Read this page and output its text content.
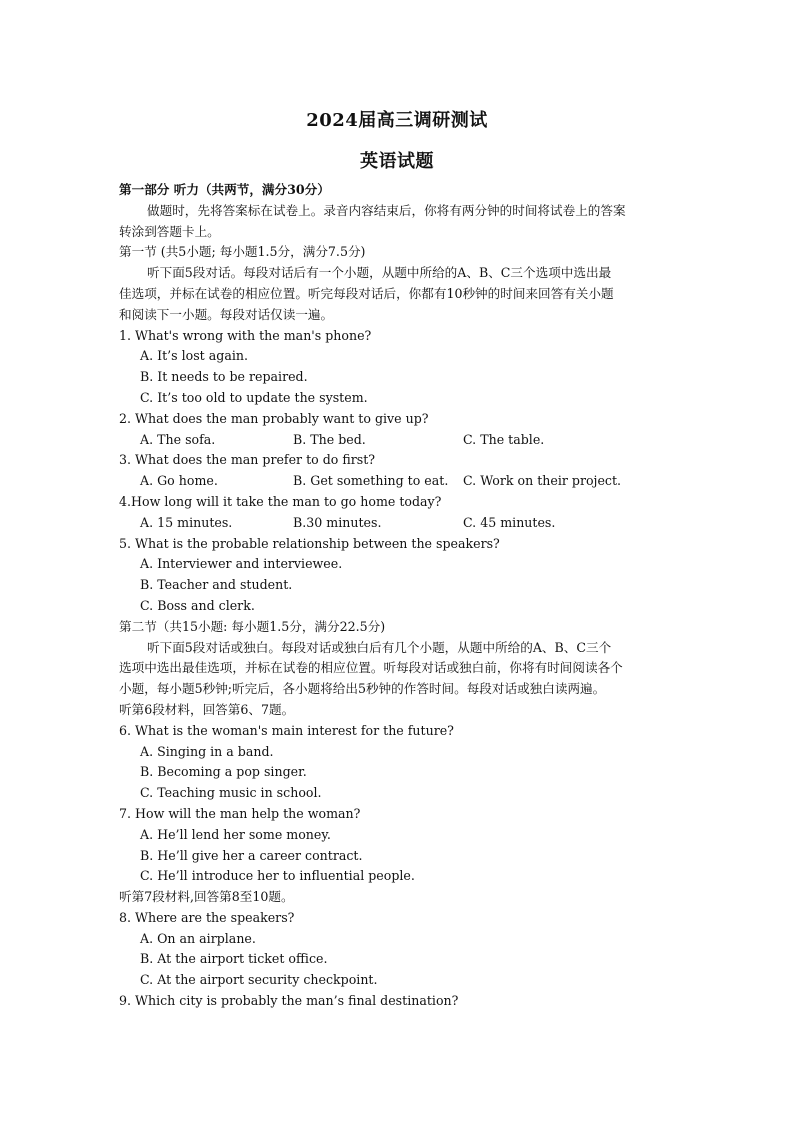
2024届高三调研测试
英语试题
第一部分 听力（共两节，满分30分）
做题时，先将答案标在试卷上。录音内容结束后，你将有两分钟的时间将试卷上的答案
转涂到答题卡上。
第一节 (共5小题; 每小题1.5分，满分7.5分)
听下面5段对话。每段对话后有一个小题，从题中所给的A、B、C三个选项中选出最
佳选项，并标在试卷的相应位置。听完每段对话后，你都有10秒钟的时间来回答有关小题
和阅读下一小题。每段对话仅读一遍。
1. What's wrong with the man's phone?
A. It’s lost again.
B. It needs to be repaired.
C. It’s too old to update the system.
2. What does the man probably want to give up?
A. The sofa.	B. The bed.	C. The table.
3. What does the man prefer to do first?
A. Go home.	B. Get something to eat.	C. Work on their project.
4.How long will it take the man to go home today?
A. 15 minutes.	B.30 minutes.	C. 45 minutes.
5. What is the probable relationship between the speakers?
A. Interviewer and interviewee.
B. Teacher and student.
C. Boss and clerk.
第二节（共15小题: 每小题1.5分，满分22.5分)
听下面5段对话或独白。每段对话或独白后有几个小题，从题中所给的A、B、C三个
选项中选出最佳选项，并标在试卷的相应位置。听每段对话或独白前，你将有时间阅读各个
小题，每小题5秒钟;听完后，各小题将给出5秒钟的作答时间。每段对话或独白读两遍。
听第6段材料，回答第6、7题。
6. What is the woman's main interest for the future?
A. Singing in a band.
B. Becoming a pop singer.
C. Teaching music in school.
7. How will the man help the woman?
A. He’ll lend her some money.
B. He’ll give her a career contract.
C. He’ll introduce her to influential people.
听第7段材料,回答第8至10题。
8. Where are the speakers?
A. On an airplane.
B. At the airport ticket office.
C. At the airport security checkpoint.
9. Which city is probably the man’s final destination?
